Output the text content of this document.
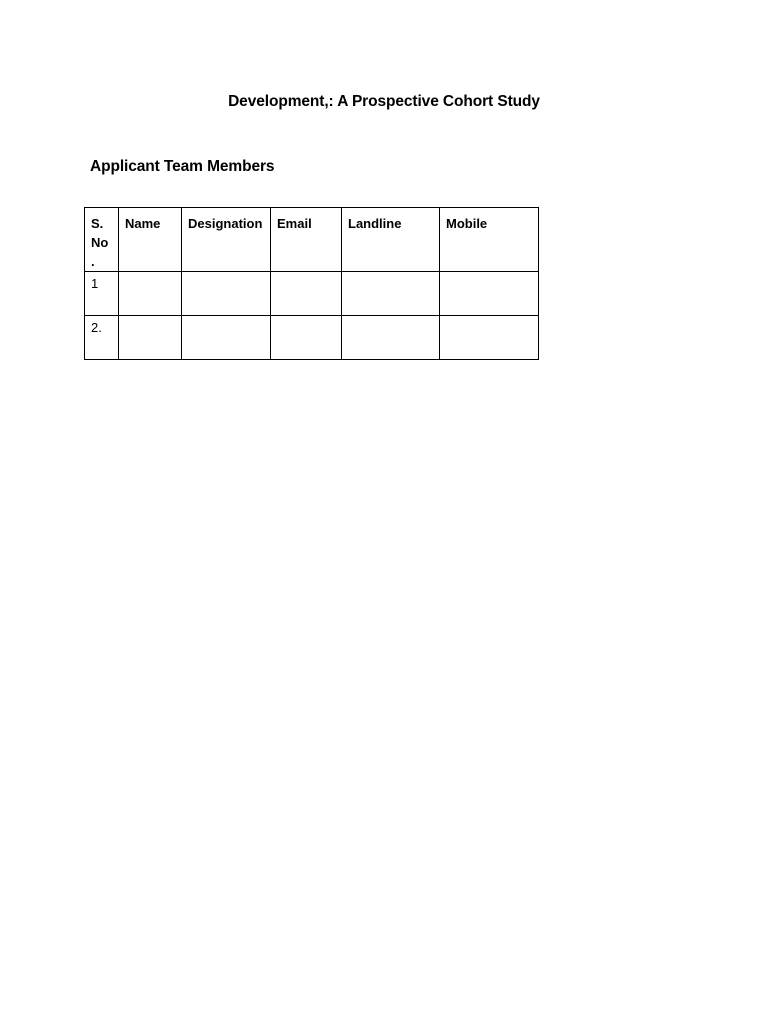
Development,: A Prospective Cohort Study
Applicant Team Members
S. No .	Name	Designation	Email	Landline	Mobile
1					
2.					
